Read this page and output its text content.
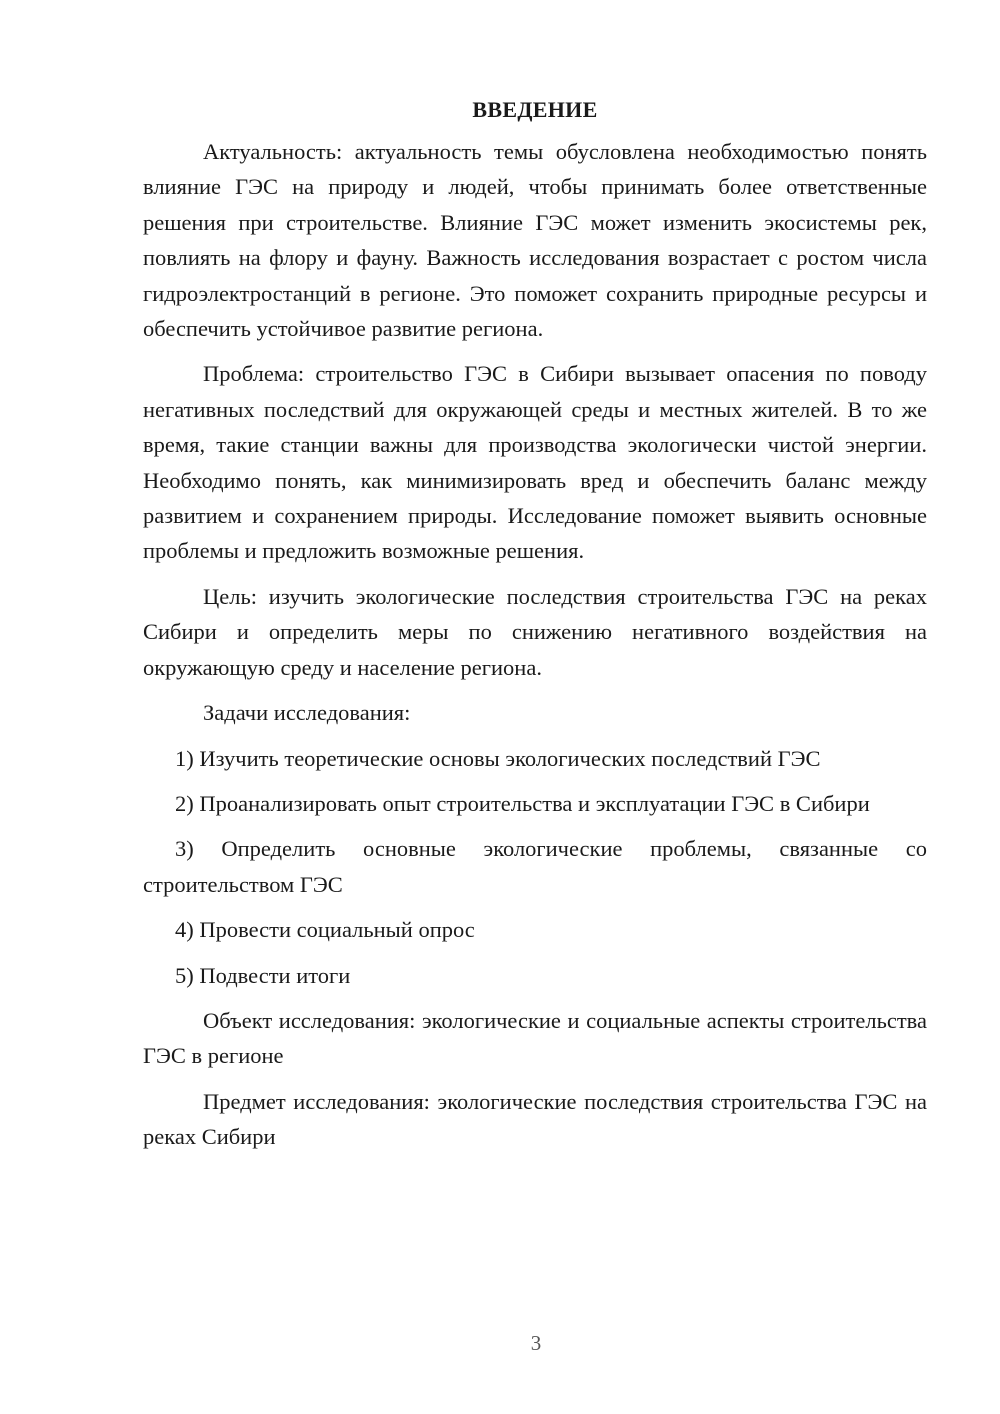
ВВЕДЕНИЕ

Актуальность: актуальность темы обусловлена необходимостью понять влияние ГЭС на природу и людей, чтобы принимать более ответственные решения при строительстве. Влияние ГЭС может изменить экосистемы рек, повлиять на флору и фауну. Важность исследования возрастает с ростом числа гидроэлектростанций в регионе. Это поможет сохранить природные ресурсы и обеспечить устойчивое развитие региона.

Проблема: строительство ГЭС в Сибири вызывает опасения по поводу негативных последствий для окружающей среды и местных жителей. В то же время, такие станции важны для производства экологически чистой энергии. Необходимо понять, как минимизировать вред и обеспечить баланс между развитием и сохранением природы. Исследование поможет выявить основные проблемы и предложить возможные решения.

Цель: изучить экологические последствия строительства ГЭС на реках Сибири и определить меры по снижению негативного воздействия на окружающую среду и население региона.

Задачи исследования:

1) Изучить теоретические основы экологических последствий ГЭС

2) Проанализировать опыт строительства и эксплуатации ГЭС в Сибири

3) Определить основные экологические проблемы, связанные со строительством ГЭС

4) Провести социальный опрос

5) Подвести итоги

Объект исследования: экологические и социальные аспекты строительства ГЭС в регионе

Предмет исследования: экологические последствия строительства ГЭС на реках Сибири

3
